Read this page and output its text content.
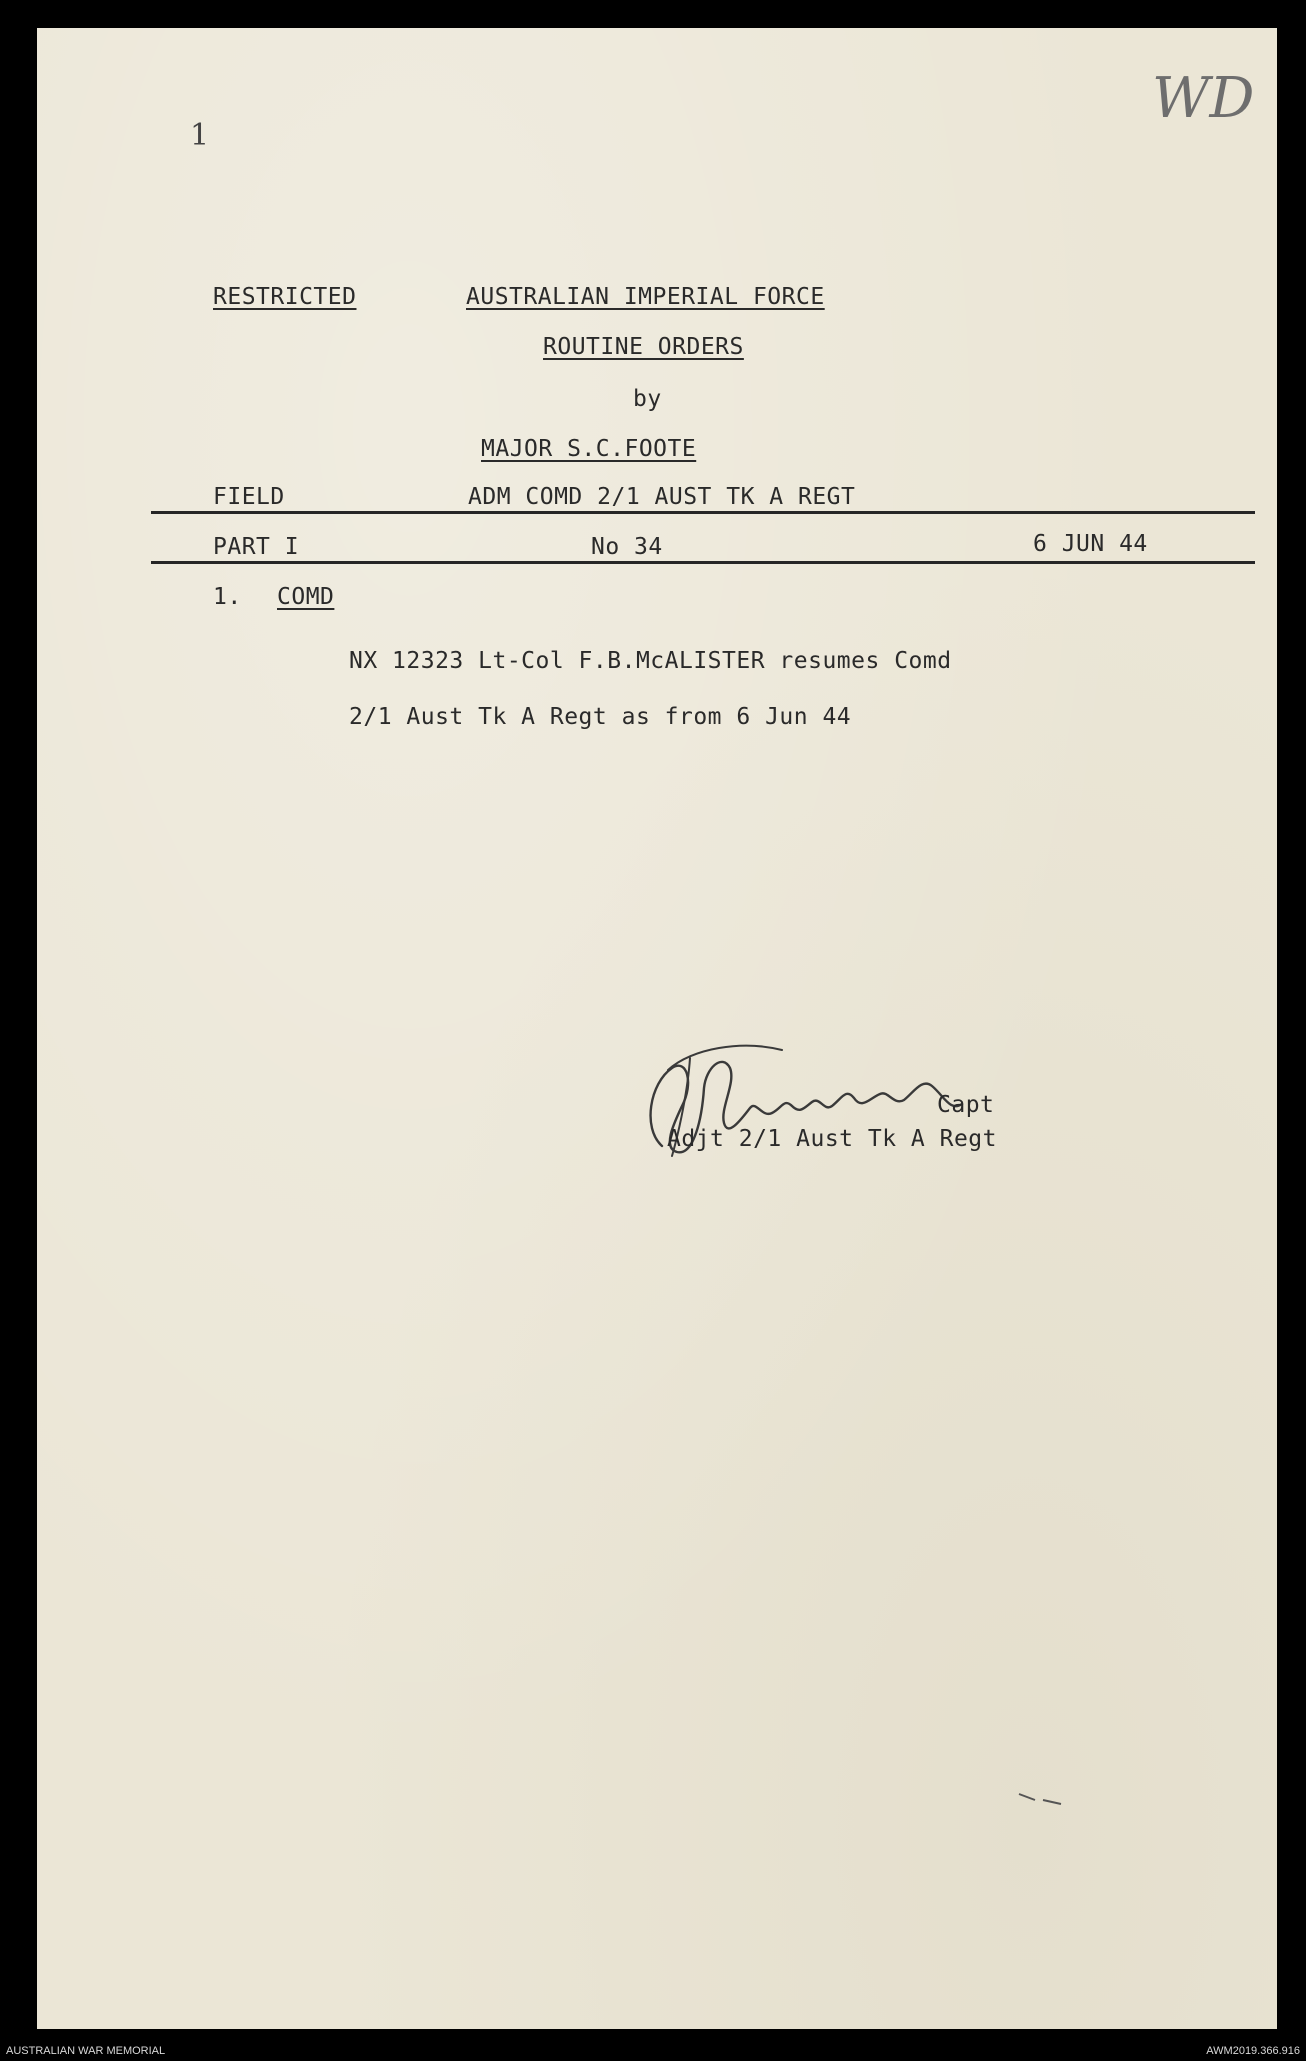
WD
1
RESTRICTED	AUSTRALIAN IMPERIAL FORCE
ROUTINE ORDERS
by
MAJOR S.C.FOOTE
FIELD	ADM COMD 2/1 AUST TK A REGT
PART I	No 34	6 JUN 44
1. COMD
NX 12323 Lt-Col F.B.McALISTER resumes Comd
2/1 Aust Tk A Regt as from 6 Jun 44
Capt
Adjt 2/1 Aust Tk A Regt
AUSTRALIAN WAR MEMORIAL	AWM2019.366.916
